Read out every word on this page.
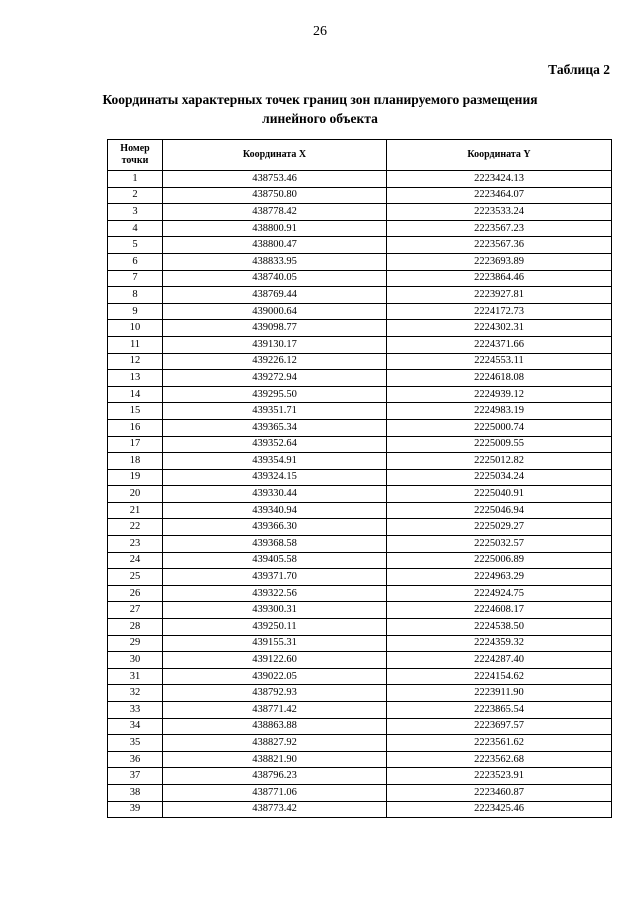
26
Таблица 2
Координаты характерных точек границ зон планируемого размещения линейного объекта
Номер точки	Координата X	Координата Y
1	438753.46	2223424.13
2	438750.80	2223464.07
3	438778.42	2223533.24
4	438800.91	2223567.23
5	438800.47	2223567.36
6	438833.95	2223693.89
7	438740.05	2223864.46
8	438769.44	2223927.81
9	439000.64	2224172.73
10	439098.77	2224302.31
11	439130.17	2224371.66
12	439226.12	2224553.11
13	439272.94	2224618.08
14	439295.50	2224939.12
15	439351.71	2224983.19
16	439365.34	2225000.74
17	439352.64	2225009.55
18	439354.91	2225012.82
19	439324.15	2225034.24
20	439330.44	2225040.91
21	439340.94	2225046.94
22	439366.30	2225029.27
23	439368.58	2225032.57
24	439405.58	2225006.89
25	439371.70	2224963.29
26	439322.56	2224924.75
27	439300.31	2224608.17
28	439250.11	2224538.50
29	439155.31	2224359.32
30	439122.60	2224287.40
31	439022.05	2224154.62
32	438792.93	2223911.90
33	438771.42	2223865.54
34	438863.88	2223697.57
35	438827.92	2223561.62
36	438821.90	2223562.68
37	438796.23	2223523.91
38	438771.06	2223460.87
39	438773.42	2223425.46
